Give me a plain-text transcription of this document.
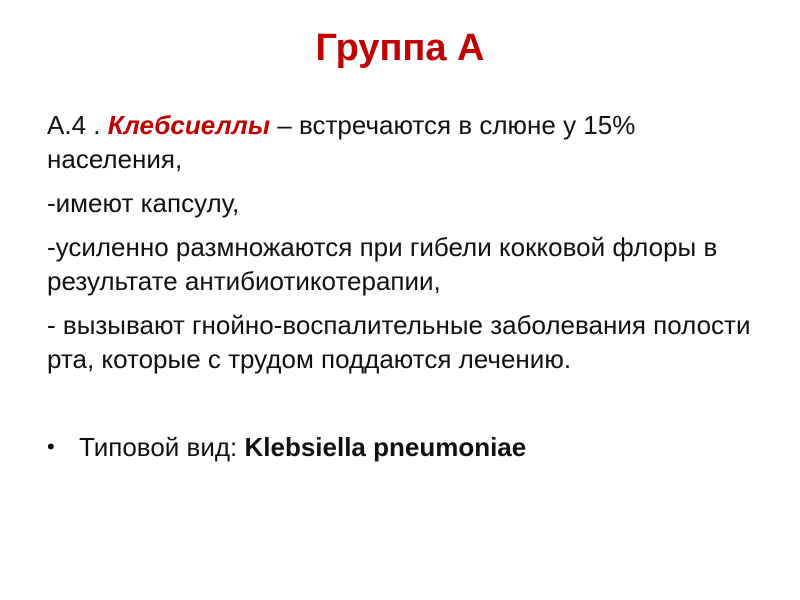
Группа А

А.4 . Клебсиеллы – встречаются в слюне у 15% населения,

-имеют капсулу,

-усиленно размножаются при гибели кокковой флоры в результате антибиотикотерапии,

- вызывают гнойно-воспалительные заболевания полости рта, которые с трудом поддаются лечению.

• Типовой вид: Klebsiella pneumoniae
